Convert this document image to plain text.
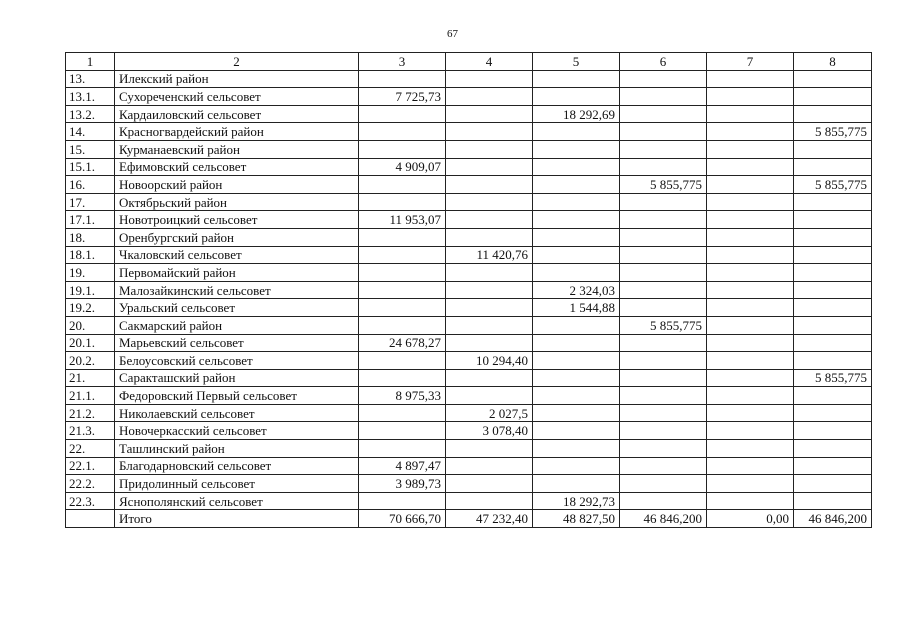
67
1	2	3	4	5	6	7	8
13.	Илекский район						
13.1.	Сухореченский сельсовет	7 725,73					
13.2.	Кардаиловский сельсовет			18 292,69			
14.	Красногвардейский район						5 855,775
15.	Курманаевский район						
15.1.	Ефимовский сельсовет	4 909,07					
16.	Новоорский район				5 855,775		5 855,775
17.	Октябрьский район						
17.1.	Новотроицкий сельсовет	11 953,07					
18.	Оренбургский район						
18.1.	Чкаловский сельсовет		11 420,76				
19.	Первомайский район						
19.1.	Малозайкинский сельсовет			2 324,03			
19.2.	Уральский сельсовет			1 544,88			
20.	Сакмарский район				5 855,775		
20.1.	Марьевский сельсовет	24 678,27					
20.2.	Белоусовский сельсовет		10 294,40				
21.	Саракташский район						5 855,775
21.1.	Федоровский Первый сельсовет	8 975,33					
21.2.	Николаевский сельсовет		2 027,5				
21.3.	Новочеркасский сельсовет		3 078,40				
22.	Ташлинский район						
22.1.	Благодарновский сельсовет	4 897,47					
22.2.	Придолинный сельсовет	3 989,73					
22.3.	Яснополянский сельсовет			18 292,73			
	Итого	70 666,70	47 232,40	48 827,50	46 846,200	0,00	46 846,200
